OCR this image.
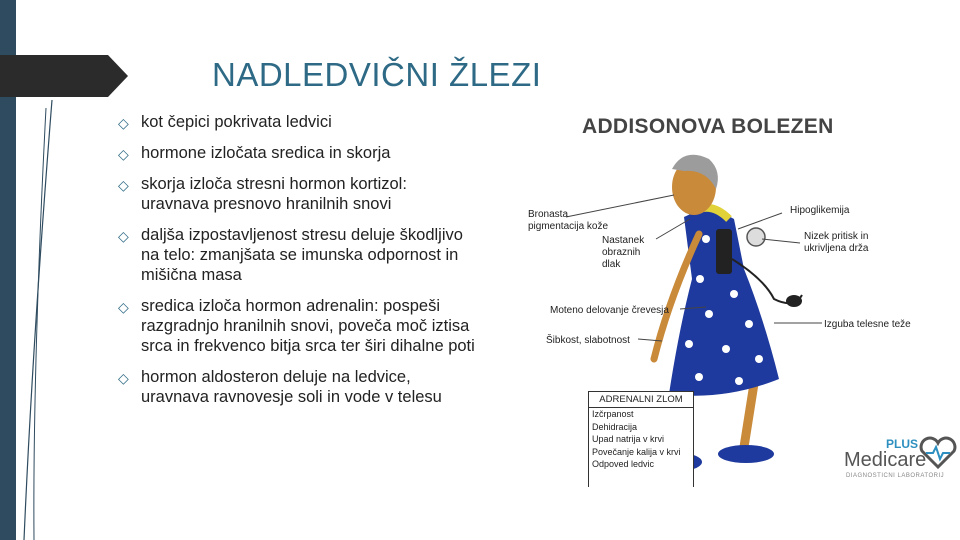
NADLEDVIČNI ŽLEZI
◇ kot čepici pokrivata ledvici
◇ hormone izločata sredica in skorja
◇ skorja izloča stresni hormon kortizol: uravnava presnovo hranilnih snovi
◇ daljša izpostavljenost stresu deluje škodljivo na telo: zmanjšata se imunska odpornost in mišična masa
◇ sredica izloča hormon adrenalin: pospeši razgradnjo hranilnih snovi, poveča moč iztisa srca in frekvenco bitja srca ter širi dihalne poti
◇ hormon aldosteron deluje na ledvice, uravnava ravnovesje soli in vode v telesu
ADDISONOVA BOLEZEN
Bronasta pigmentacija kože
Nastanek obraznih dlak
Hipoglikemija
Nizek pritisk in ukrivljena drža
Moteno delovanje črevesja
Šibkost, slabotnost
Izguba telesne teže
ADRENALNI ZLOM
Izčrpanost
Dehidracija
Upad natrija v krvi
Povečanje kalija v krvi
Odpoved ledvic
PLUS
Medicare
DIAGNOSTICNI LABORATORIJ
